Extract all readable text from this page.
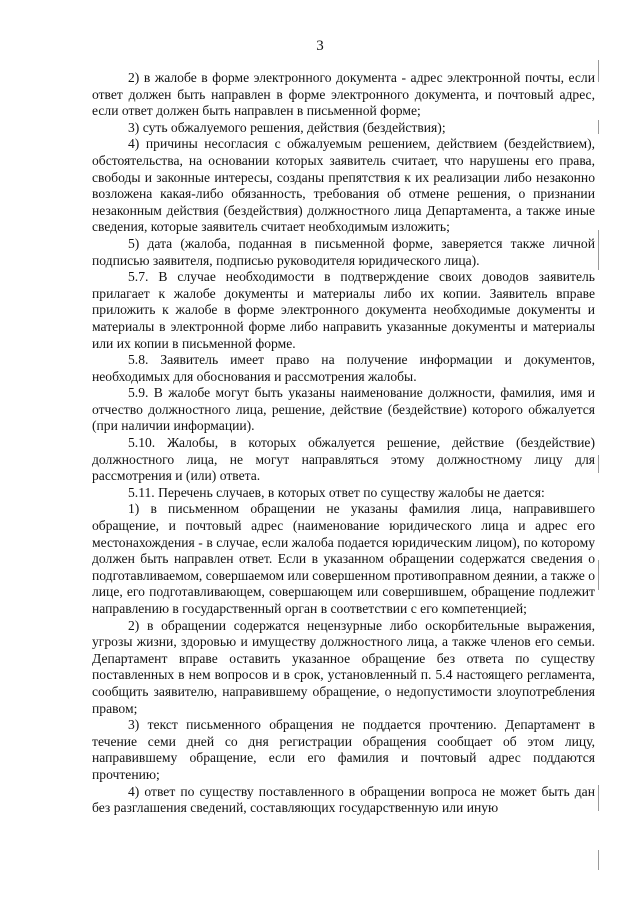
3

2) в жалобе в форме электронного документа - адрес электронной почты, если ответ должен быть направлен в форме электронного документа, и почтовый адрес, если ответ должен быть направлен в письменной форме;

3) суть обжалуемого решения, действия (бездействия);

4) причины несогласия с обжалуемым решением, действием (бездействием), обстоятельства, на основании которых заявитель считает, что нарушены его права, свободы и законные интересы, созданы препятствия к их реализации либо незаконно возложена какая-либо обязанность, требования об отмене решения, о признании незаконным действия (бездействия) должностного лица Департамента, а также иные сведения, которые заявитель считает необходимым изложить;

5) дата (жалоба, поданная в письменной форме, заверяется также личной подписью заявителя, подписью руководителя юридического лица).

5.7. В случае необходимости в подтверждение своих доводов заявитель прилагает к жалобе документы и материалы либо их копии. Заявитель вправе приложить к жалобе в форме электронного документа необходимые документы и материалы в электронной форме либо направить указанные документы и материалы или их копии в письменной форме.

5.8. Заявитель имеет право на получение информации и документов, необходимых для обоснования и рассмотрения жалобы.

5.9. В жалобе могут быть указаны наименование должности, фамилия, имя и отчество должностного лица, решение, действие (бездействие) которого обжалуется (при наличии информации).

5.10. Жалобы, в которых обжалуется решение, действие (бездействие) должностного лица, не могут направляться этому должностному лицу для рассмотрения и (или) ответа.

5.11. Перечень случаев, в которых ответ по существу жалобы не дается:

1) в письменном обращении не указаны фамилия лица, направившего обращение, и почтовый адрес (наименование юридического лица и адрес его местонахождения - в случае, если жалоба подается юридическим лицом), по которому должен быть направлен ответ. Если в указанном обращении содержатся сведения о подготавливаемом, совершаемом или совершенном противоправном деянии, а также о лице, его подготавливающем, совершающем или совершившем, обращение подлежит направлению в государственный орган в соответствии с его компетенцией;

2) в обращении содержатся нецензурные либо оскорбительные выражения, угрозы жизни, здоровью и имуществу должностного лица, а также членов его семьи. Департамент вправе оставить указанное обращение без ответа по существу поставленных в нем вопросов и в срок, установленный п. 5.4 настоящего регламента, сообщить заявителю, направившему обращение, о недопустимости злоупотребления правом;

3) текст письменного обращения не поддается прочтению. Департамент в течение семи дней со дня регистрации обращения сообщает об этом лицу, направившему обращение, если его фамилия и почтовый адрес поддаются прочтению;

4) ответ по существу поставленного в обращении вопроса не может быть дан без разглашения сведений, составляющих государственную или иную
